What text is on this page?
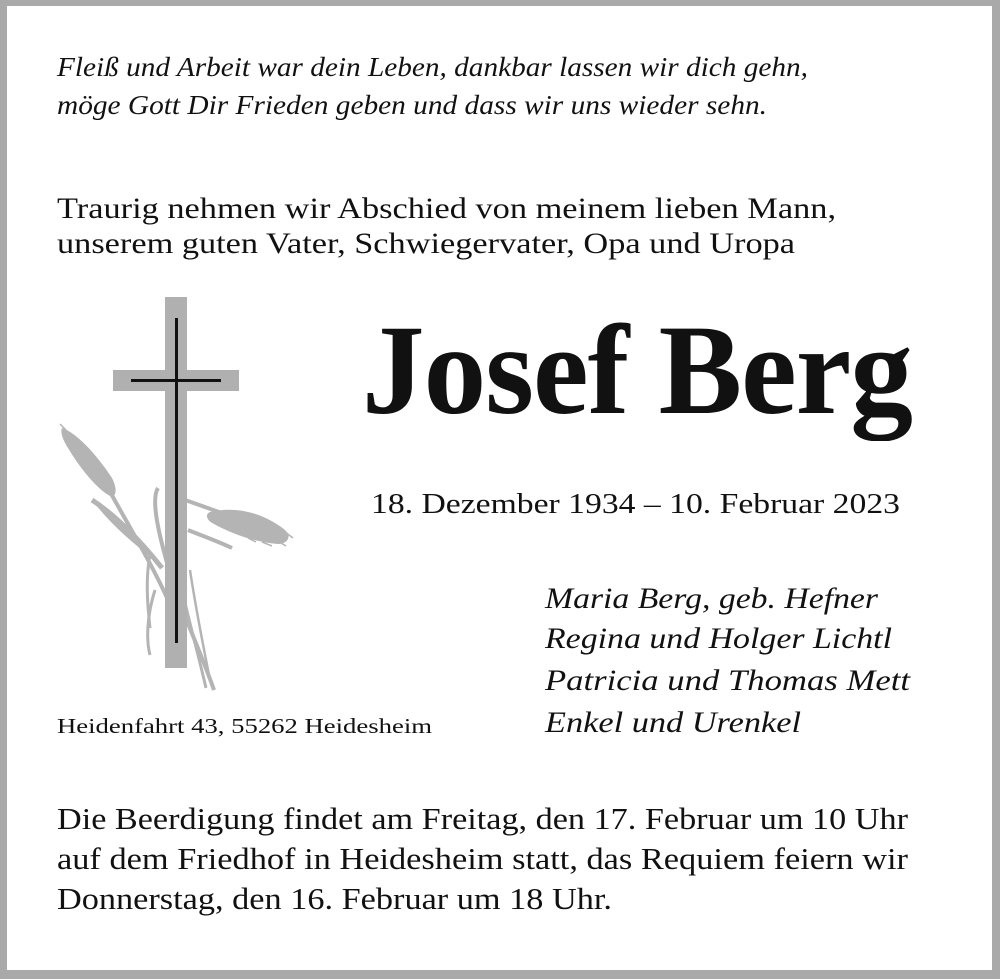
Fleiß und Arbeit war dein Leben, dankbar lassen wir dich gehn,
möge Gott Dir Frieden geben und dass wir uns wieder sehn.
Traurig nehmen wir Abschied von meinem lieben Mann,
unserem guten Vater, Schwiegervater, Opa und Uropa
Josef Berg
18. Dezember 1934 – 10. Februar 2023
Maria Berg, geb. Hefner
Regina und Holger Lichtl
Patricia und Thomas Mett
Enkel und Urenkel
Heidenfahrt 43, 55262 Heidesheim
Die Beerdigung findet am Freitag, den 17. Februar um 10 Uhr
auf dem Friedhof in Heidesheim statt, das Requiem feiern wir
Donnerstag, den 16. Februar um 18 Uhr.
